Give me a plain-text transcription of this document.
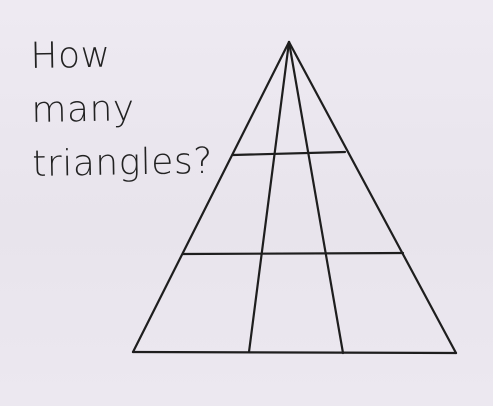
How
many
triangles?
